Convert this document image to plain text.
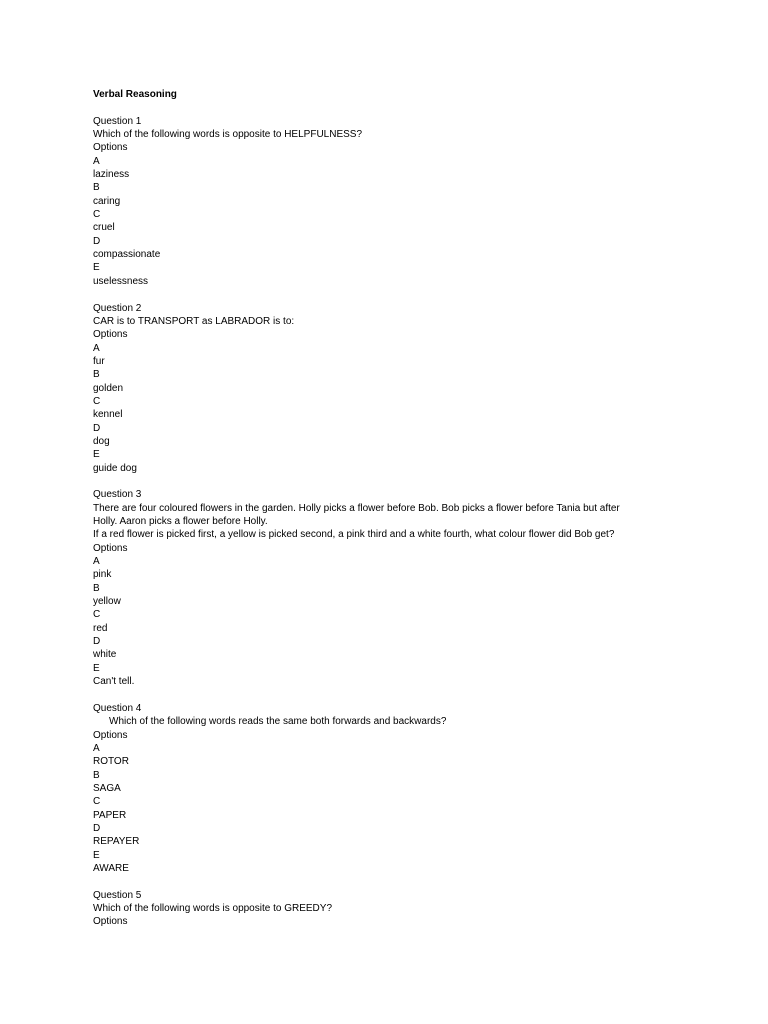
Verbal Reasoning
Question 1
Which of the following words is opposite to HELPFULNESS?
Options
A
laziness
B
caring
C
cruel
D
compassionate
E
uselessness
Question 2
CAR is to TRANSPORT as LABRADOR is to:
Options
A
fur
B
golden
C
kennel
D
dog
E
guide dog
Question 3
There are four coloured flowers in the garden. Holly picks a flower before Bob. Bob picks a flower before Tania but after
Holly. Aaron picks a flower before Holly.
If a red flower is picked first, a yellow is picked second, a pink third and a white fourth, what colour flower did Bob get?
Options
A
pink
B
yellow
C
red
D
white
E
Can't tell.
Question 4
Which of the following words reads the same both forwards and backwards?
Options
A
ROTOR
B
SAGA
C
PAPER
D
REPAYER
E
AWARE
Question 5
Which of the following words is opposite to GREEDY?
Options
